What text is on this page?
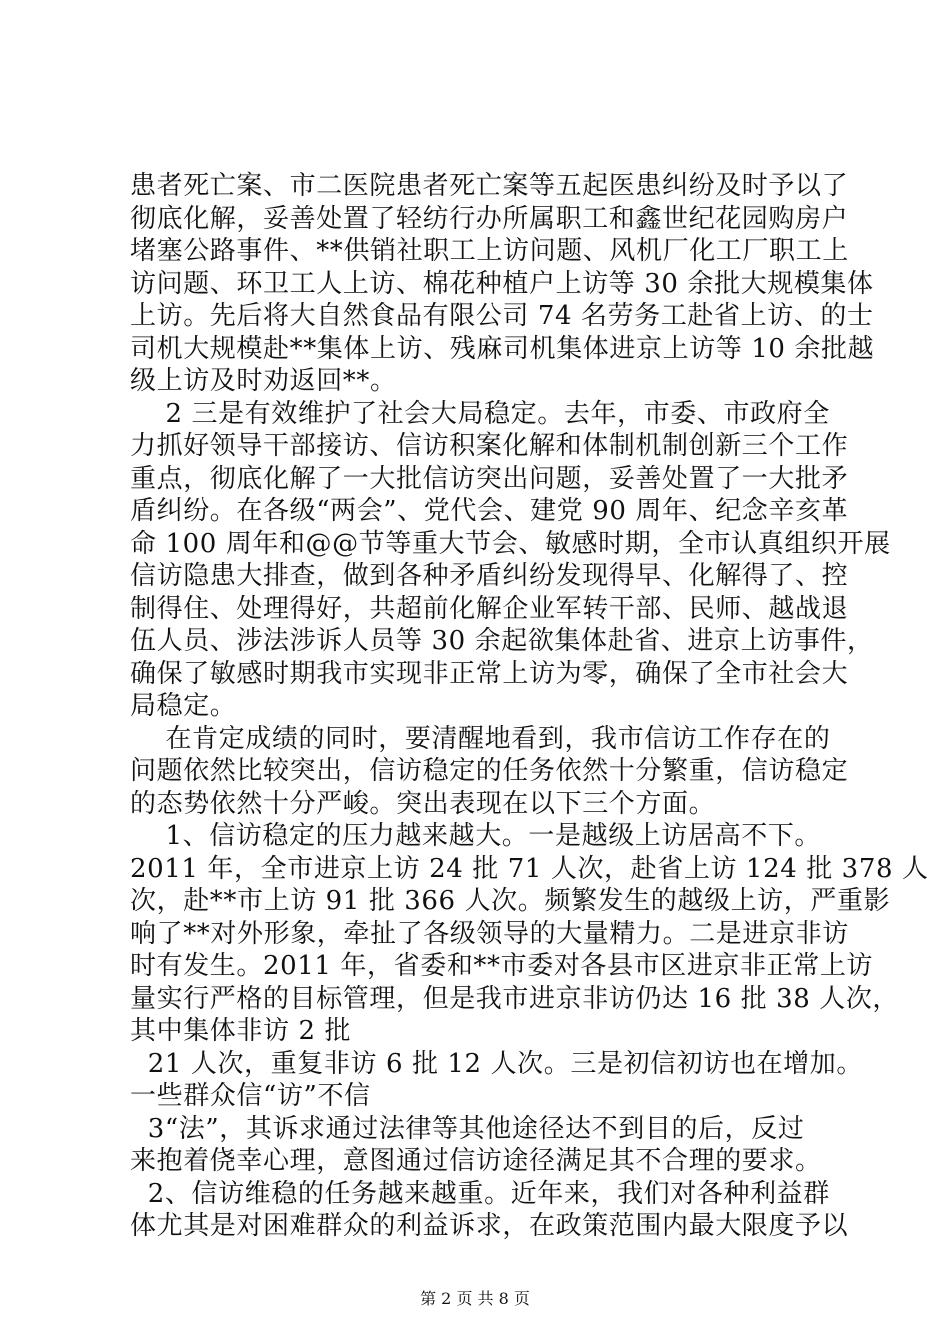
患者死亡案、市二医院患者死亡案等五起医患纠纷及时予以了
彻底化解，妥善处置了轻纺行办所属职工和鑫世纪花园购房户
堵塞公路事件、**供销社职工上访问题、风机厂化工厂职工上
访问题、环卫工人上访、棉花种植户上访等 30 余批大规模集体
上访。先后将大自然食品有限公司 74 名劳务工赴省上访、的士
司机大规模赴**集体上访、残麻司机集体进京上访等 10 余批越
级上访及时劝返回**。
2 三是有效维护了社会大局稳定。去年，市委、市政府全
力抓好领导干部接访、信访积案化解和体制机制创新三个工作
重点，彻底化解了一大批信访突出问题，妥善处置了一大批矛
盾纠纷。在各级“两会”、党代会、建党 90 周年、纪念辛亥革
命 100 周年和@@节等重大节会、敏感时期，全市认真组织开展
信访隐患大排查，做到各种矛盾纠纷发现得早、化解得了、控
制得住、处理得好，共超前化解企业军转干部、民师、越战退
伍人员、涉法涉诉人员等 30 余起欲集体赴省、进京上访事件，
确保了敏感时期我市实现非正常上访为零，确保了全市社会大
局稳定。
在肯定成绩的同时，要清醒地看到，我市信访工作存在的
问题依然比较突出，信访稳定的任务依然十分繁重，信访稳定
的态势依然十分严峻。突出表现在以下三个方面。
1、信访稳定的压力越来越大。一是越级上访居高不下。
2011 年，全市进京上访 24 批 71 人次，赴省上访 124 批 378 人
次，赴**市上访 91 批 366 人次。频繁发生的越级上访，严重影
响了**对外形象，牵扯了各级领导的大量精力。二是进京非访
时有发生。2011 年，省委和**市委对各县市区进京非正常上访
量实行严格的目标管理，但是我市进京非访仍达 16 批 38 人次，
其中集体非访 2 批
21 人次，重复非访 6 批 12 人次。三是初信初访也在增加。
一些群众信“访”不信
3“法”，其诉求通过法律等其他途径达不到目的后，反过
来抱着侥幸心理，意图通过信访途径满足其不合理的要求。
2、信访维稳的任务越来越重。近年来，我们对各种利益群
体尤其是对困难群众的利益诉求，在政策范围内最大限度予以
第 2 页 共 8 页
